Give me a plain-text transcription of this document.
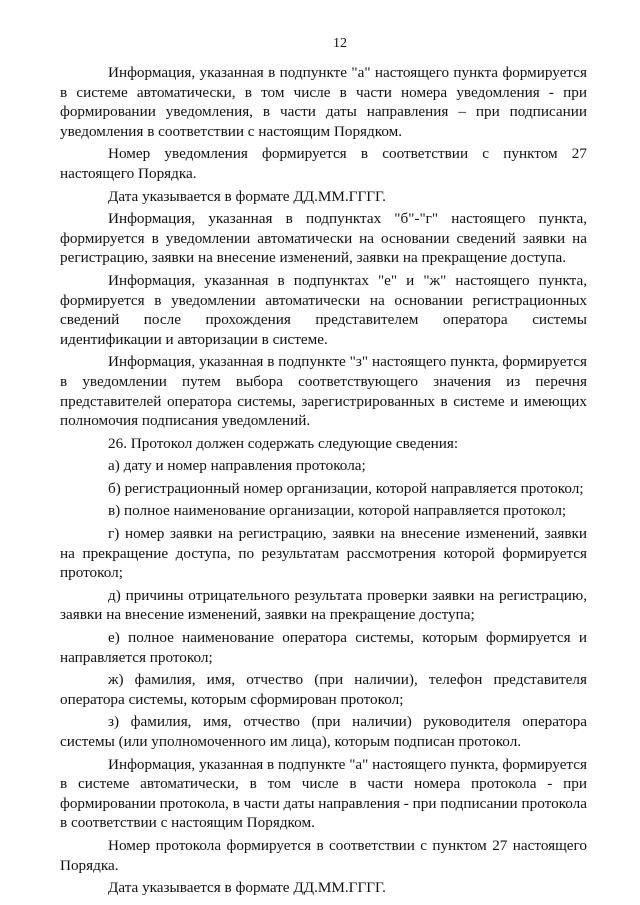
12

Информация, указанная в подпункте "а" настоящего пункта формируется в системе автоматически, в том числе в части номера уведомления - при формировании уведомления, в части даты направления – при подписании уведомления в соответствии с настоящим Порядком.

Номер уведомления формируется в соответствии с пунктом 27 настоящего Порядка.

Дата указывается в формате ДД.ММ.ГГГГ.

Информация, указанная в подпунктах "б"-"г" настоящего пункта, формируется в уведомлении автоматически на основании сведений заявки на регистрацию, заявки на внесение изменений, заявки на прекращение доступа.

Информация, указанная в подпунктах "е" и "ж" настоящего пункта, формируется в уведомлении автоматически на основании регистрационных сведений после прохождения представителем оператора системы идентификации и авторизации в системе.

Информация, указанная в подпункте "з" настоящего пункта, формируется в уведомлении путем выбора соответствующего значения из перечня представителей оператора системы, зарегистрированных в системе и имеющих полномочия подписания уведомлений.

26. Протокол должен содержать следующие сведения:

а) дату и номер направления протокола;

б) регистрационный номер организации, которой направляется протокол;

в) полное наименование организации, которой направляется протокол;

г) номер заявки на регистрацию, заявки на внесение изменений, заявки на прекращение доступа, по результатам рассмотрения которой формируется протокол;

д) причины отрицательного результата проверки заявки на регистрацию, заявки на внесение изменений, заявки на прекращение доступа;

е) полное наименование оператора системы, которым формируется и направляется протокол;

ж) фамилия, имя, отчество (при наличии), телефон представителя оператора системы, которым сформирован протокол;

з) фамилия, имя, отчество (при наличии) руководителя оператора системы (или уполномоченного им лица), которым подписан протокол.

Информация, указанная в подпункте "а" настоящего пункта, формируется в системе автоматически, в том числе в части номера протокола - при формировании протокола, в части даты направления - при подписании протокола в соответствии с настоящим Порядком.

Номер протокола формируется в соответствии с пунктом 27 настоящего Порядка.

Дата указывается в формате ДД.ММ.ГГГГ.
